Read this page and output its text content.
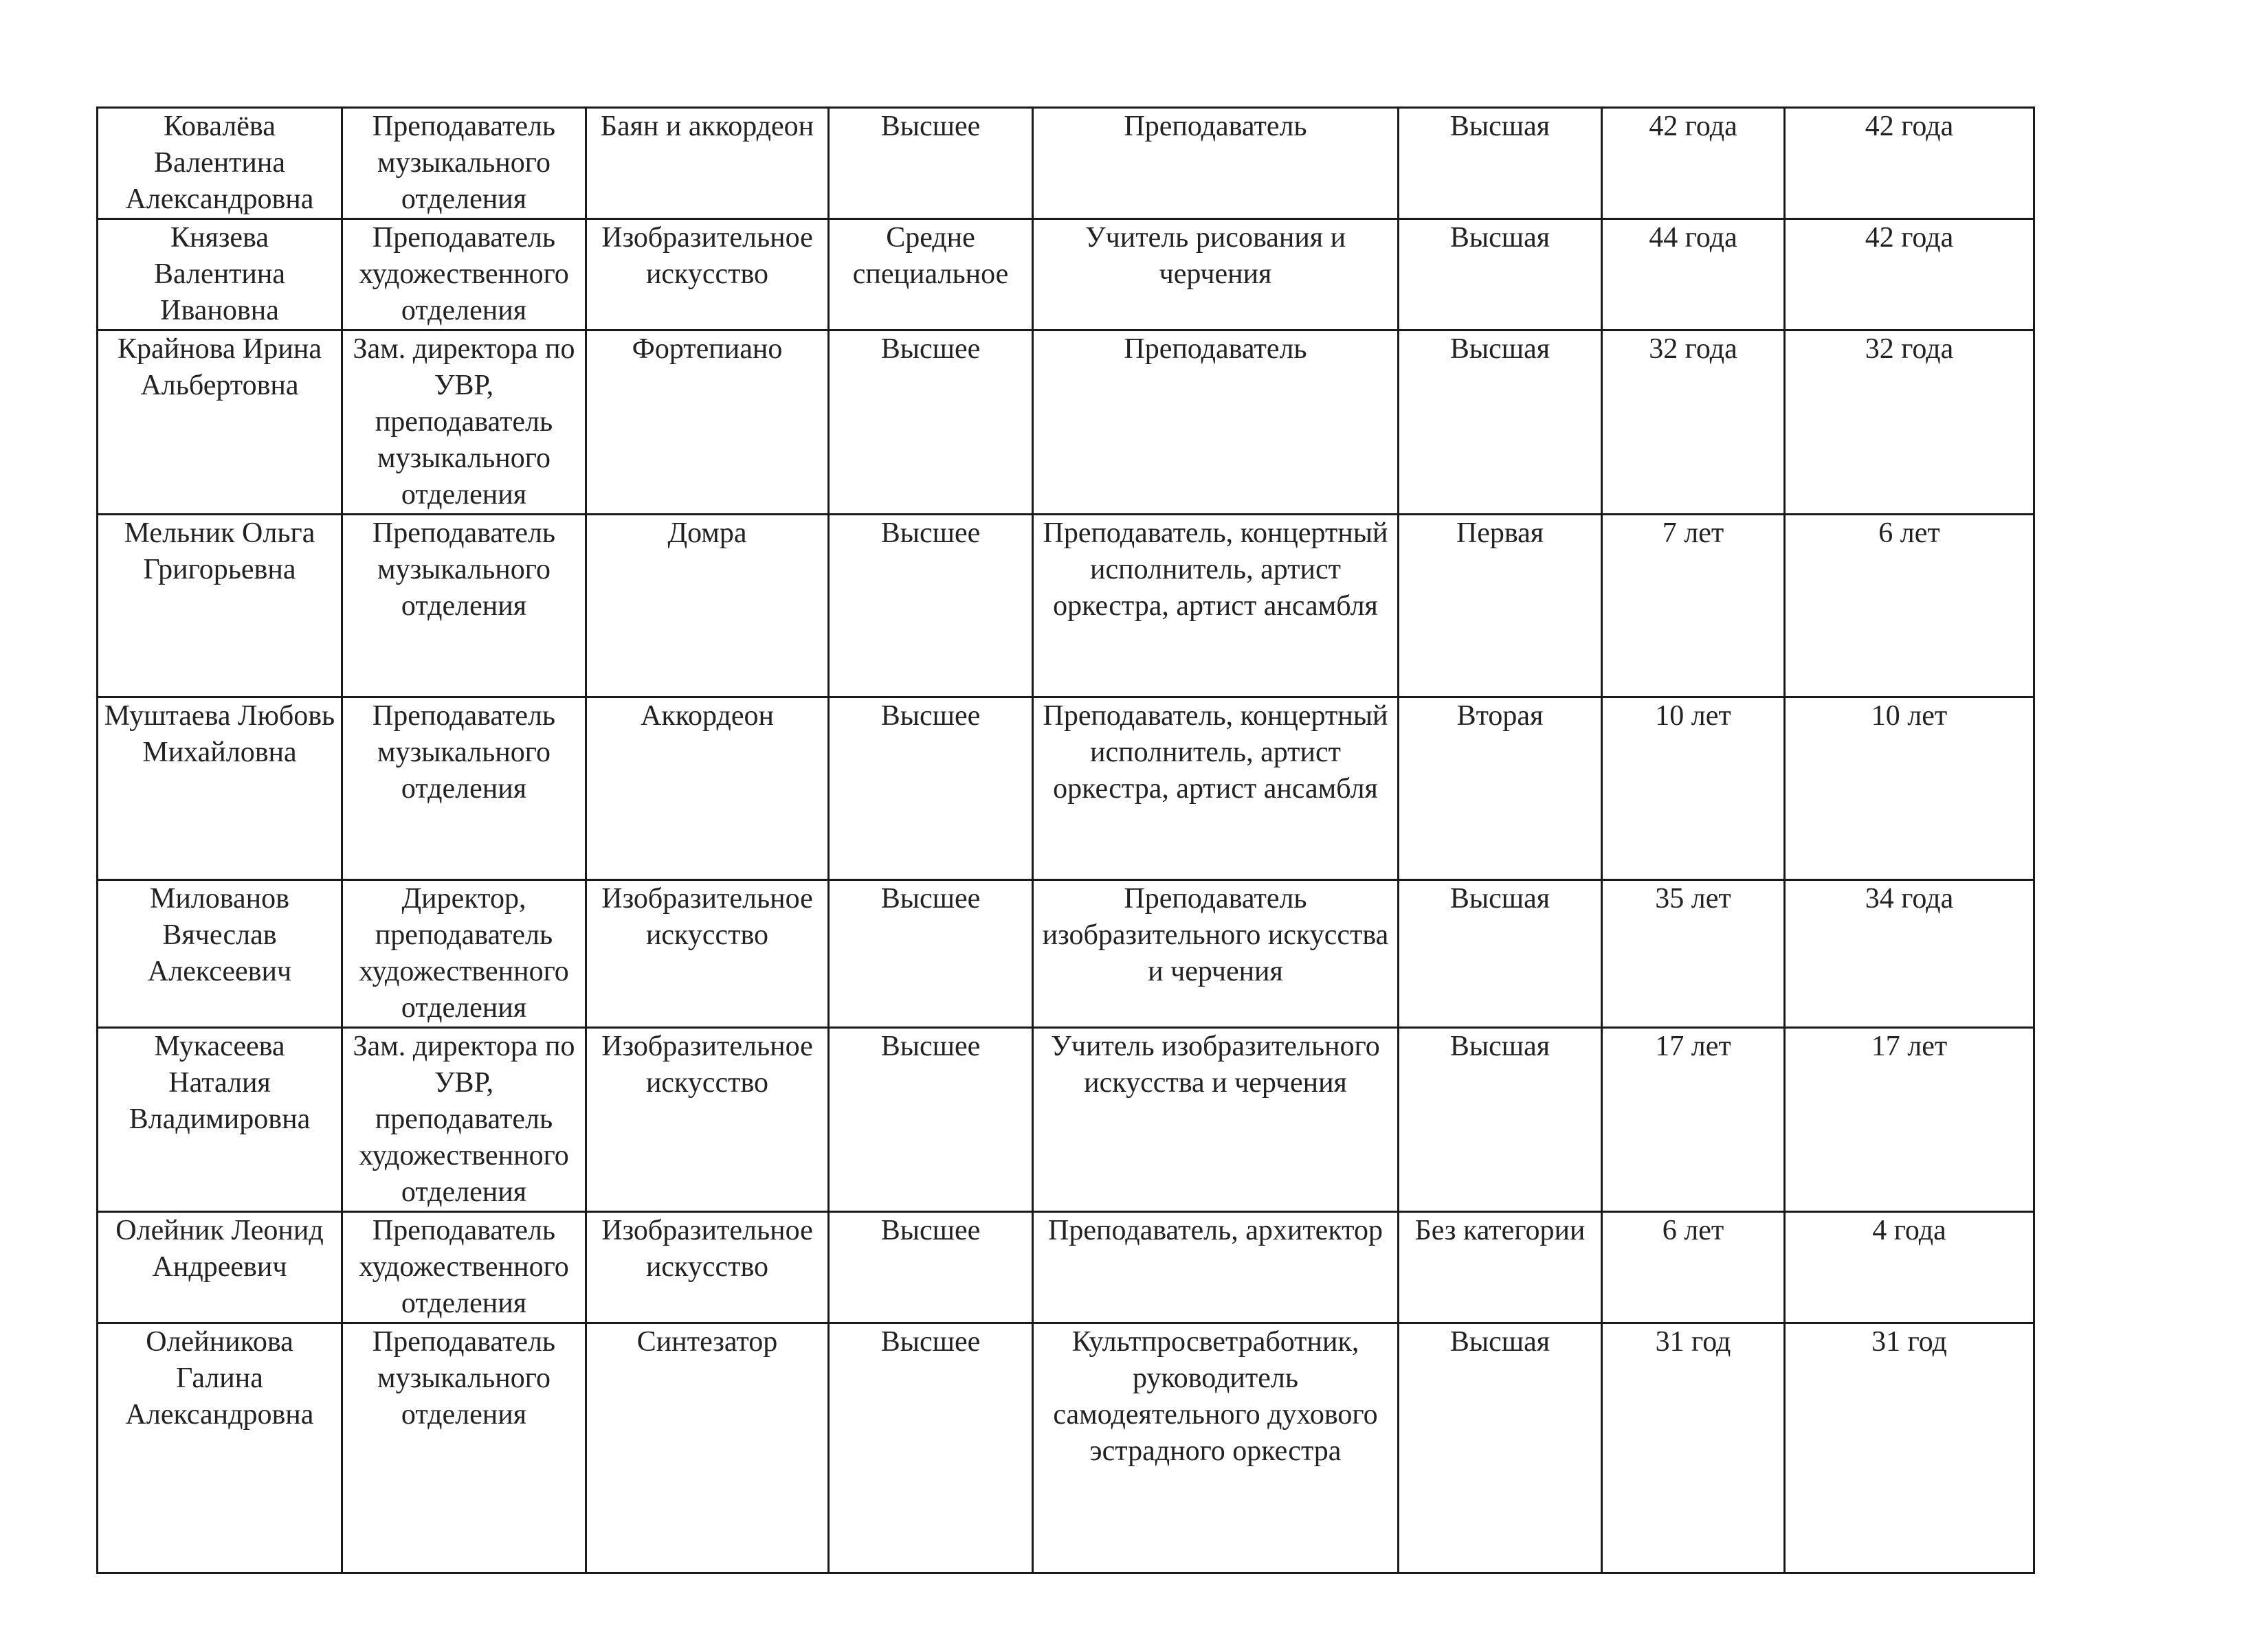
Ковалёва Валентина Александровна	Преподаватель музыкального отделения	Баян и аккордеон	Высшее	Преподаватель	Высшая	42 года	42 года
Князева Валентина Ивановна	Преподаватель художественного отделения	Изобразительное искусство	Средне специальное	Учитель рисования и черчения	Высшая	44 года	42 года
Крайнова Ирина Альбертовна	Зам. директора по УВР, преподаватель музыкального отделения	Фортепиано	Высшее	Преподаватель	Высшая	32 года	32 года
Мельник Ольга Григорьевна	Преподаватель музыкального отделения	Домра	Высшее	Преподаватель, концертный исполнитель, артист оркестра, артист ансамбля	Первая	7 лет	6 лет
Муштаева Любовь Михайловна	Преподаватель музыкального отделения	Аккордеон	Высшее	Преподаватель, концертный исполнитель, артист оркестра, артист ансамбля	Вторая	10 лет	10 лет
Милованов Вячеслав Алексеевич	Директор, преподаватель художественного отделения	Изобразительное искусство	Высшее	Преподаватель изобразительного искусства и черчения	Высшая	35 лет	34 года
Мукасеева Наталия Владимировна	Зам. директора по УВР, преподаватель художественного отделения	Изобразительное искусство	Высшее	Учитель изобразительного искусства и черчения	Высшая	17 лет	17 лет
Олейник Леонид Андреевич	Преподаватель художественного отделения	Изобразительное искусство	Высшее	Преподаватель, архитектор	Без категории	6 лет	4 года
Олейникова Галина Александровна	Преподаватель музыкального отделения	Синтезатор	Высшее	Культпросветработник, руководитель самодеятельного духового эстрадного оркестра	Высшая	31 год	31 год
